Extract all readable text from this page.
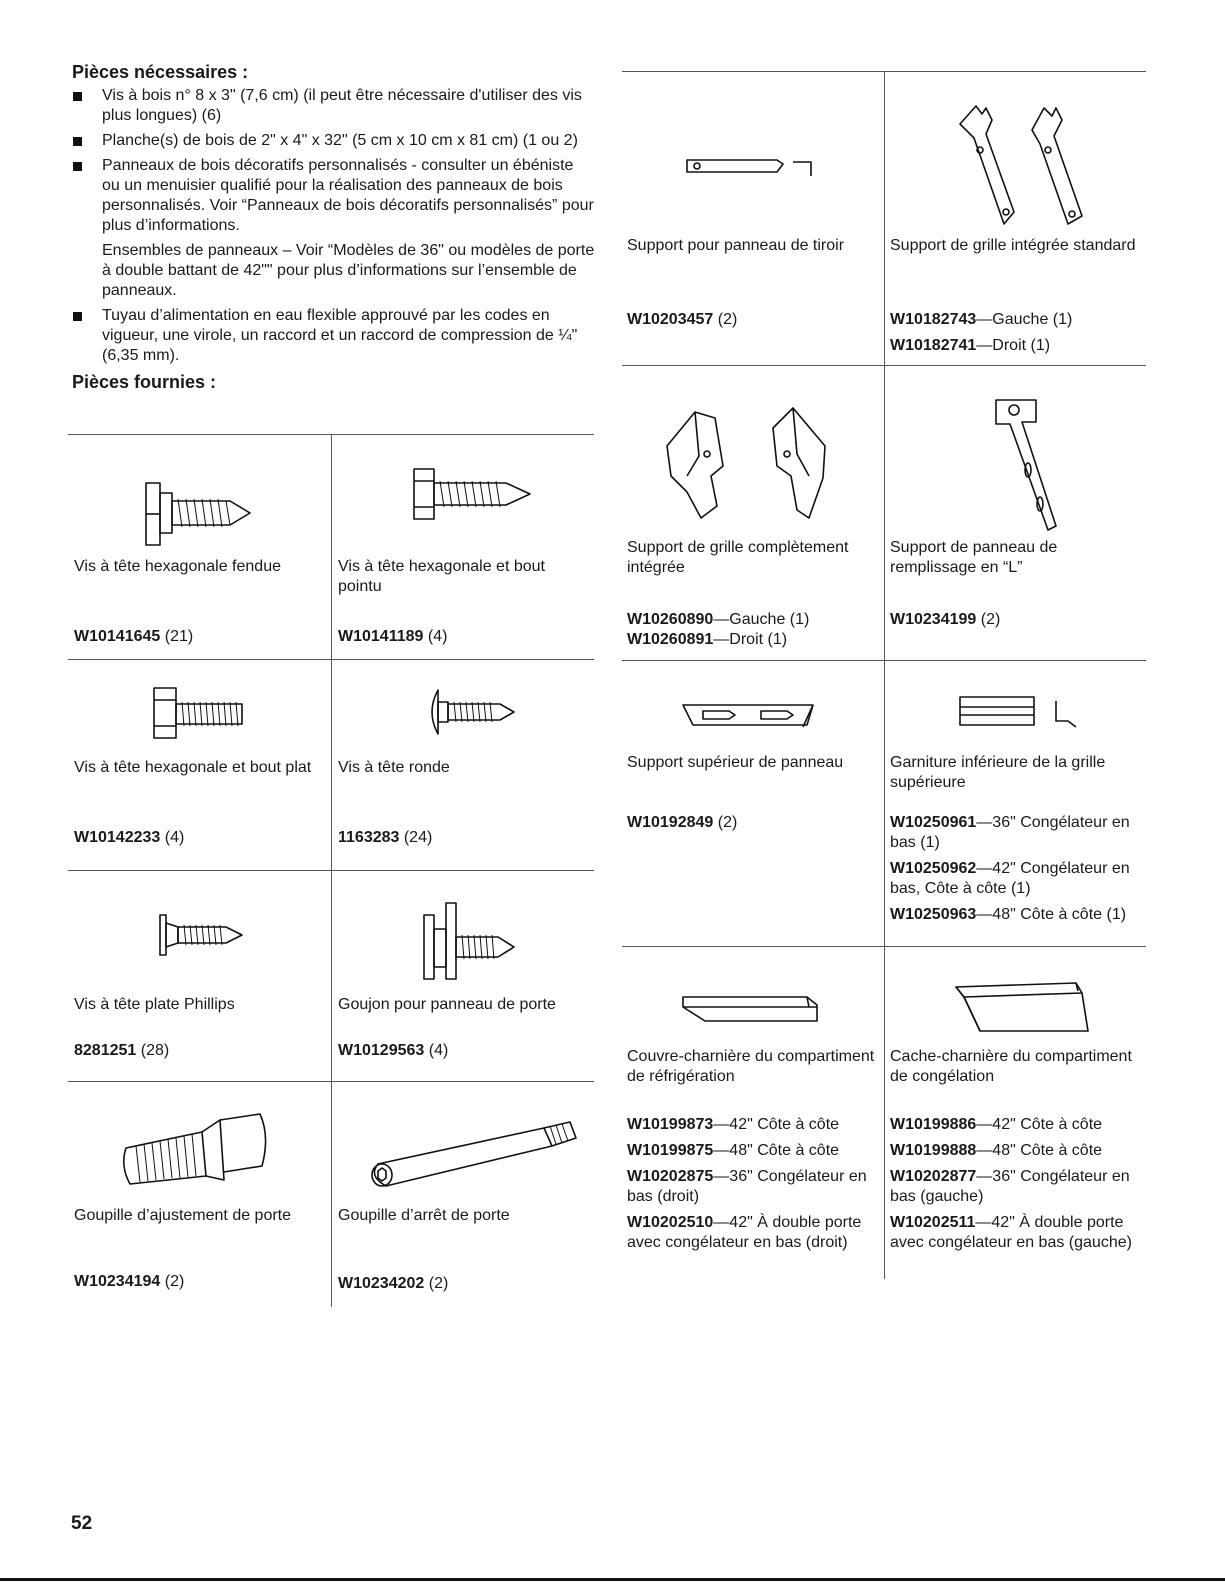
Pièces nécessaires :
Vis à bois n° 8 x 3" (7,6 cm) (il peut être nécessaire d'utiliser des vis plus longues) (6)
Planche(s) de bois de 2" x 4" x 32" (5 cm x 10 cm x 81 cm) (1 ou 2)
Panneaux de bois décoratifs personnalisés - consulter un ébéniste ou un menuisier qualifié pour la réalisation des panneaux de bois personnalisés. Voir “Panneaux de bois décoratifs personnalisés” pour plus d’informations.

Ensembles de panneaux – Voir “Modèles de 36" ou modèles de porte à double battant de 42"" pour plus d’informations sur l’ensemble de panneaux.

Tuyau d’alimentation en eau flexible approuvé par les codes en vigueur, une virole, un raccord et un raccord de compression de ¼" (6,35 mm).
Pièces fournies :
Vis à tête hexagonale fendue
W10141645 (21)
Vis à tête hexagonale et bout pointu
W10141189 (4)
Vis à tête hexagonale et bout plat
W10142233 (4)
Vis à tête ronde
1163283 (24)
Vis à tête plate Phillips
8281251 (28)
Goujon pour panneau de porte
W10129563 (4)
Goupille d’ajustement de porte
W10234194 (2)
Goupille d’arrêt de porte
W10234202 (2)
Support pour panneau de tiroir
W10203457 (2)
Support de grille intégrée standard
W10182743—Gauche (1)
W10182741—Droit (1)
Support de grille complètement intégrée
W10260890—Gauche (1)
W10260891—Droit (1)
Support de panneau de remplissage en “L”
W10234199 (2)
Support supérieur de panneau
W10192849 (2)
Garniture inférieure de la grille supérieure
W10250961—36" Congélateur en bas (1)
W10250962—42" Congélateur en bas, Côte à côte (1)
W10250963—48" Côte à côte (1)
Couvre-charnière du compartiment de réfrigération
W10199873—42" Côte à côte
W10199875—48" Côte à côte
W10202875—36" Congélateur en bas (droit)
W10202510—42" À double porte avec congélateur en bas (droit)
Cache-charnière du compartiment de congélation
W10199886—42" Côte à côte
W10199888—48" Côte à côte
W10202877—36" Congélateur en bas (gauche)
W10202511—42" À double porte avec congélateur en bas (gauche)
52
